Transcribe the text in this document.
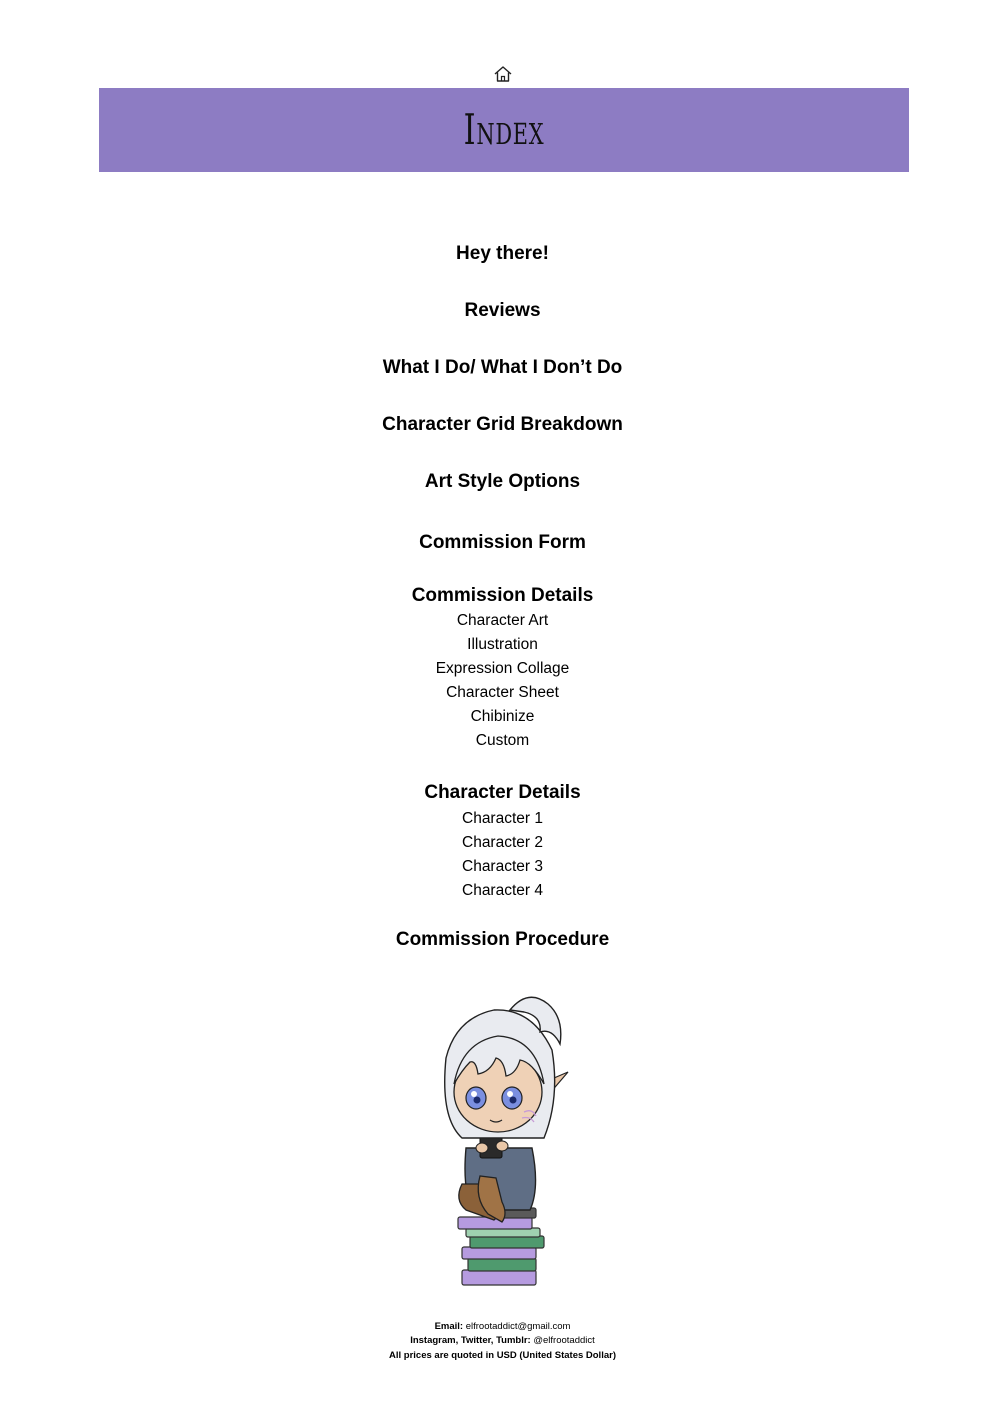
Index
Hey there!
Reviews
What I Do/ What I Don’t Do
Character Grid Breakdown
Art Style Options
Commission Form
Commission Details
Character Art
Illustration
Expression Collage
Character Sheet
Chibinize
Custom
Character Details
Character 1
Character 2
Character 3
Character 4
Commission Procedure
Email: elfrootaddict@gmail.com
Instagram, Twitter, Tumblr: @elfrootaddict
All prices are quoted in USD (United States Dollar)
